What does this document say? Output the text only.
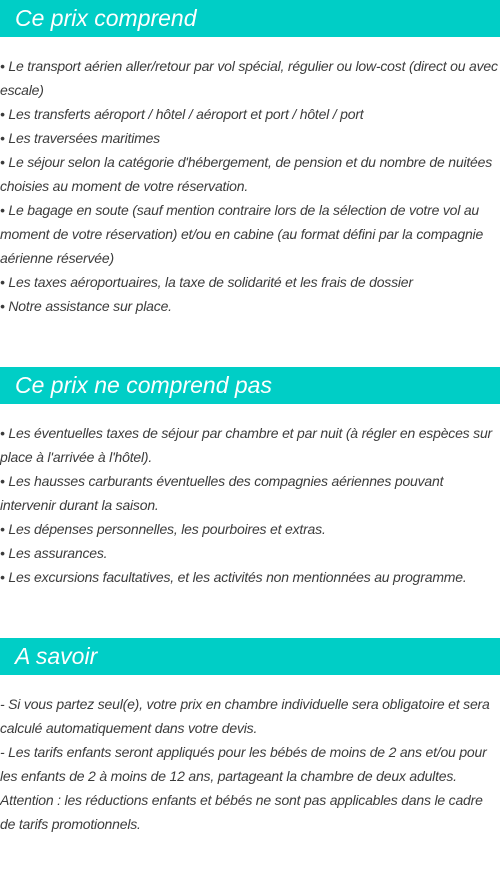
Ce prix comprend
• Le transport aérien aller/retour par vol spécial, régulier ou low-cost (direct ou avec escale)
• Les transferts aéroport / hôtel / aéroport et port / hôtel / port
• Les traversées maritimes
• Le séjour selon la catégorie d'hébergement, de pension et du nombre de nuitées choisies au moment de votre réservation.
• Le bagage en soute (sauf mention contraire lors de la sélection de votre vol au moment de votre réservation) et/ou en cabine (au format défini par la compagnie aérienne réservée)
• Les taxes aéroportuaires, la taxe de solidarité et les frais de dossier
• Notre assistance sur place.
Ce prix ne comprend pas
• Les éventuelles taxes de séjour par chambre et par nuit (à régler en espèces sur place à l'arrivée à l'hôtel).
• Les hausses carburants éventuelles des compagnies aériennes pouvant intervenir durant la saison.
• Les dépenses personnelles, les pourboires et extras.
• Les assurances.
• Les excursions facultatives, et les activités non mentionnées au programme.
A savoir
- Si vous partez seul(e), votre prix en chambre individuelle sera obligatoire et sera calculé automatiquement dans votre devis.
- Les tarifs enfants seront appliqués pour les bébés de moins de 2 ans et/ou pour les enfants de 2 à moins de 12 ans, partageant la chambre de deux adultes.
Attention : les réductions enfants et bébés ne sont pas applicables dans le cadre de tarifs promotionnels.
